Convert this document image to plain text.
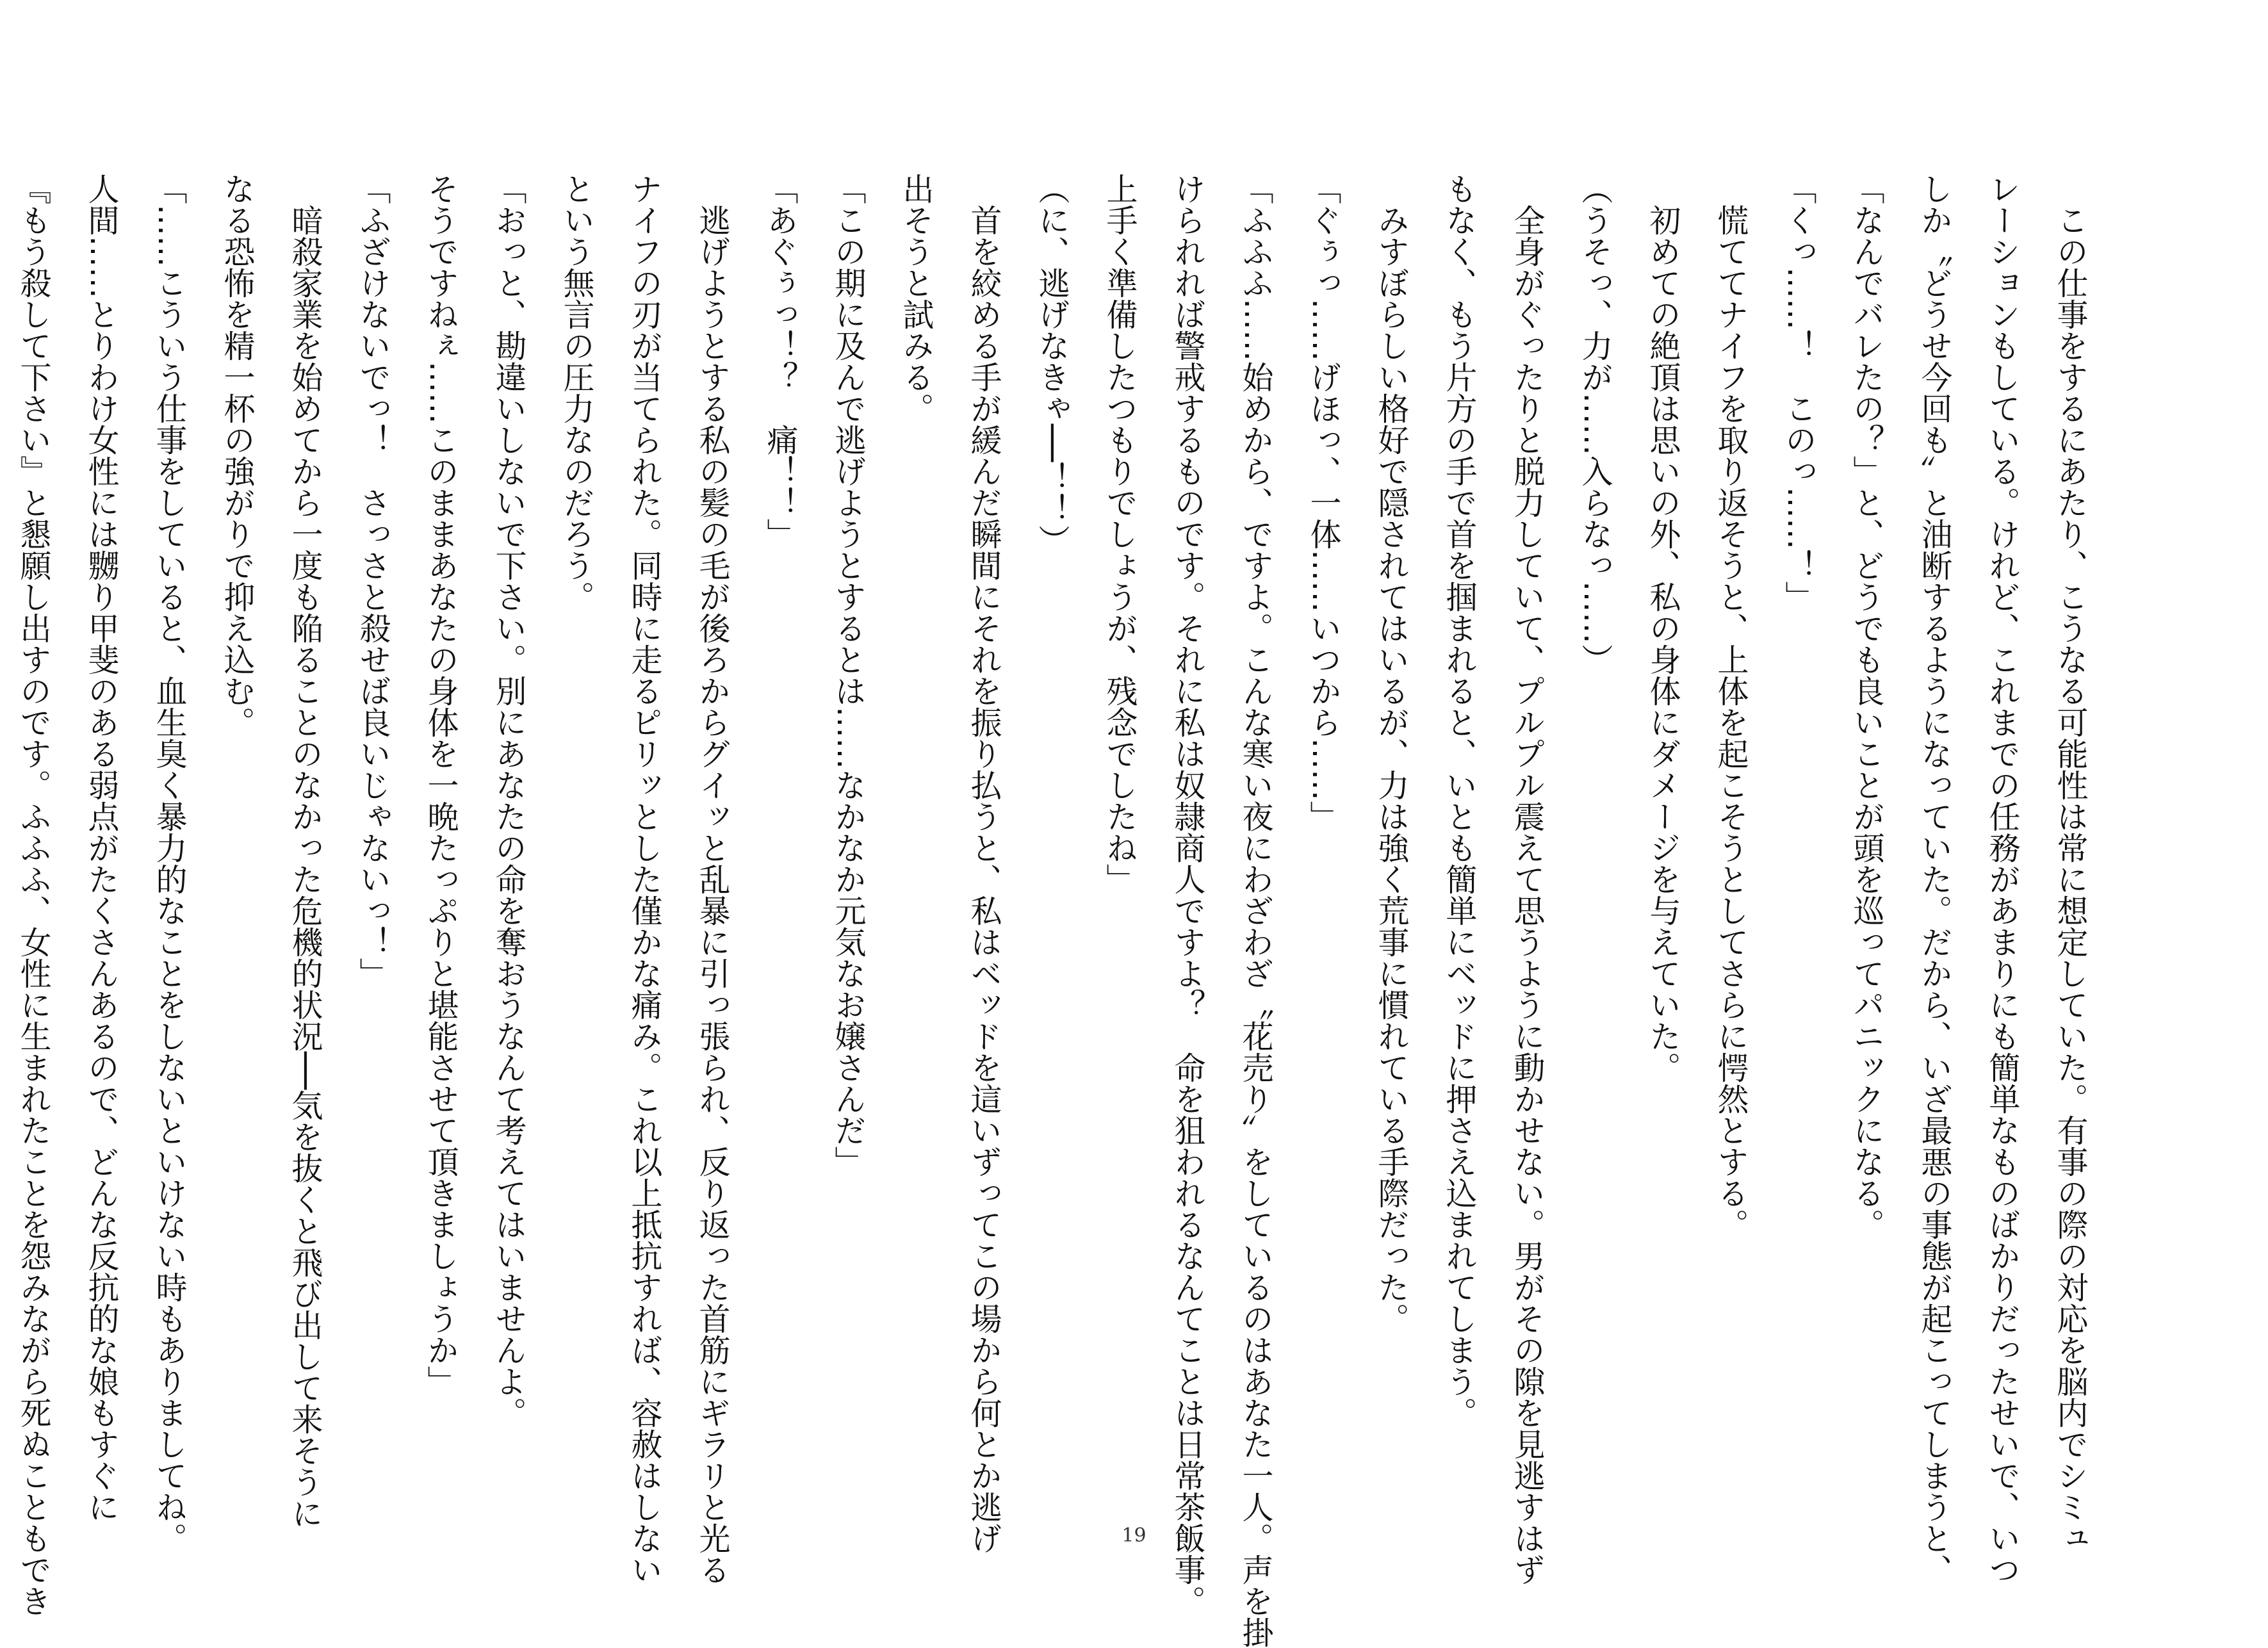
　この仕事をするにあたり、こうなる可能性は常に想定していた。有事の際の対応を脳内でシミュ

レーションもしている。けれど、これまでの任務があまりにも簡単なものばかりだったせいで、いつ

しか〝どうせ今回も〟と油断するようになっていた。だから、いざ最悪の事態が起こってしまうと、

「なんでバレたの？」と、どうでも良いことが頭を巡ってパニックになる。

「くっ……！　このっ……！」

　慌ててナイフを取り返そうと、上体を起こそうとしてさらに愕然とする。

　初めての絶頂は思いの外、私の身体にダメージを与えていた。

（うそっ、力が……入らなっ……）

　全身がぐったりと脱力していて、プルプル震えて思うように動かせない。男がその隙を見逃すはず

もなく、もう片方の手で首を掴まれると、いとも簡単にベッドに押さえ込まれてしまう。

　みすぼらしい格好で隠されてはいるが、力は強く荒事に慣れている手際だった。

「ぐぅっ……げほっ、一体……いつから……」

「ふふふ……始めから、ですよ。こんな寒い夜にわざわざ〝花売り〟をしているのはあなた一人。声を掛

けられれば警戒するものです。それに私は奴隷商人ですよ？　命を狙われるなんてことは日常茶飯事。

上手く準備したつもりでしょうが、残念でしたね」

（に、逃げなきゃ──！！）

　首を絞める手が緩んだ瞬間にそれを振り払うと、私はベッドを這いずってこの場から何とか逃げ

出そうと試みる。

「この期に及んで逃げようとするとは……なかなか元気なお嬢さんだ」

「あぐぅっ！？　痛！！」

　逃げようとする私の髪の毛が後ろからグイッと乱暴に引っ張られ、反り返った首筋にギラリと光る

ナイフの刃が当てられた。同時に走るピリッとした僅かな痛み。これ以上抵抗すれば、容赦はしない

という無言の圧力なのだろう。

「おっと、勘違いしないで下さい。別にあなたの命を奪おうなんて考えてはいませんよ。

そうですねぇ……このままあなたの身体を一晩たっぷりと堪能させて頂きましょうか」

「ふざけないでっ！　さっさと殺せば良いじゃないっ！」

　暗殺家業を始めてから一度も陥ることのなかった危機的状況──気を抜くと飛び出して来そうに

なる恐怖を精一杯の強がりで抑え込む。

「……こういう仕事をしていると、血生臭く暴力的なことをしないといけない時もありましてね。

人間……とりわけ女性には嬲り甲斐のある弱点がたくさんあるので、どんな反抗的な娘もすぐに

『もう殺して下さい』と懇願し出すのです。ふふふ、女性に生まれたことを怨みながら死ぬこともでき	19
